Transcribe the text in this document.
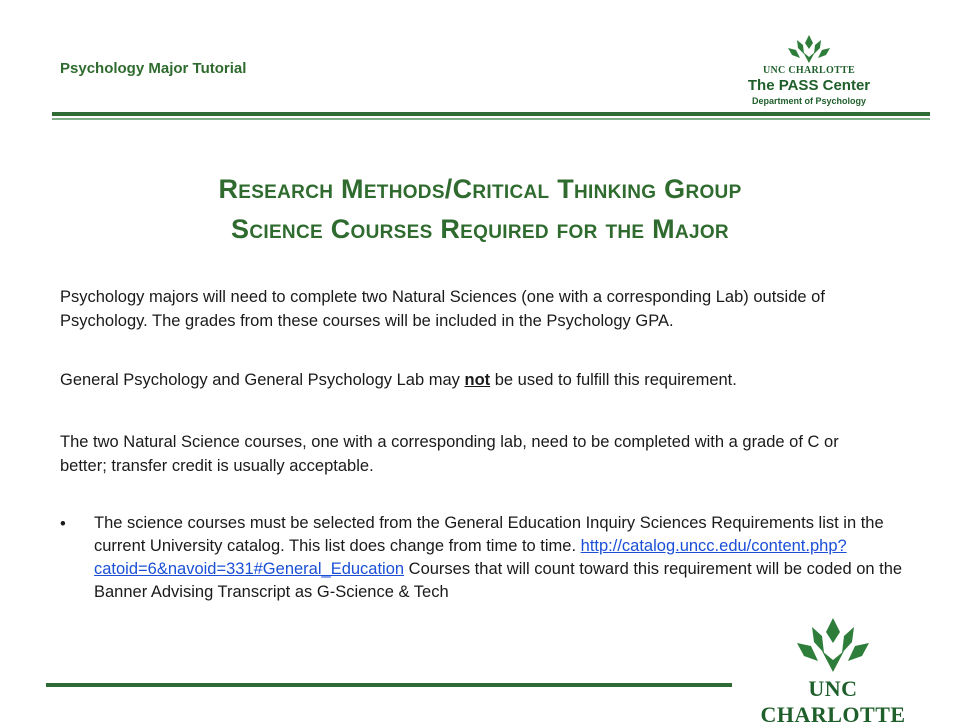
Psychology Major Tutorial	UNC CHARLOTTE
The PASS Center
Department of Psychology
Research Methods/Critical Thinking Group
Science Courses Required for the Major
Psychology majors will need to complete two Natural Sciences (one with a corresponding Lab) outside of Psychology. The grades from these courses will be included in the Psychology GPA.
General Psychology and General Psychology Lab may not be used to fulfill this requirement.
The two Natural Science courses, one with a corresponding lab, need to be completed with a grade of C or better; transfer credit is usually acceptable.
• The science courses must be selected from the General Education Inquiry Sciences Requirements list in the current University catalog. This list does change from time to time. http://catalog.uncc.edu/content.php?catoid=6&navoid=331#General_Education Courses that will count toward this requirement will be coded on the Banner Advising Transcript as G-Science & Tech
UNC CHARLOTTE
